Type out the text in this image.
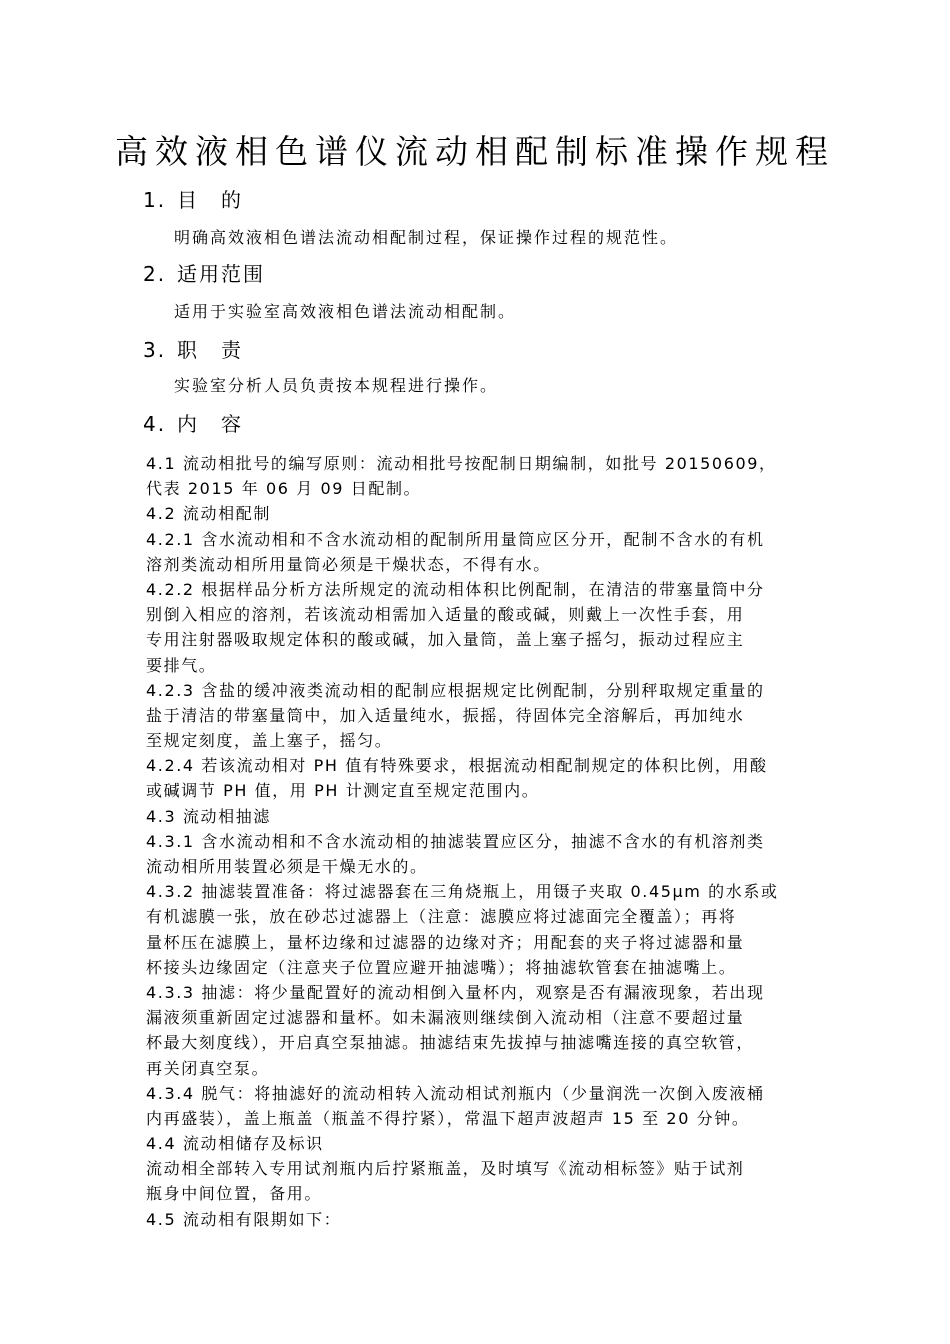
高效液相色谱仪流动相配制标准操作规程
1. 目　的
明确高效液相色谱法流动相配制过程，保证操作过程的规范性。
2. 适用范围
适用于实验室高效液相色谱法流动相配制。
3. 职　责
实验室分析人员负责按本规程进行操作。
4. 内　容
4.1 流动相批号的编写原则：流动相批号按配制日期编制，如批号 20150609，
代表 2015 年 06 月 09 日配制。
4.2 流动相配制
4.2.1 含水流动相和不含水流动相的配制所用量筒应区分开，配制不含水的有机
溶剂类流动相所用量筒必须是干燥状态，不得有水。
4.2.2 根据样品分析方法所规定的流动相体积比例配制，在清洁的带塞量筒中分
别倒入相应的溶剂，若该流动相需加入适量的酸或碱，则戴上一次性手套，用
专用注射器吸取规定体积的酸或碱，加入量筒，盖上塞子摇匀，振动过程应主
要排气。
4.2.3 含盐的缓冲液类流动相的配制应根据规定比例配制，分别秤取规定重量的
盐于清洁的带塞量筒中，加入适量纯水，振摇，待固体完全溶解后，再加纯水
至规定刻度，盖上塞子，摇匀。
4.2.4 若该流动相对 PH 值有特殊要求，根据流动相配制规定的体积比例，用酸
或碱调节 PH 值，用 PH 计测定直至规定范围内。
4.3 流动相抽滤
4.3.1 含水流动相和不含水流动相的抽滤装置应区分，抽滤不含水的有机溶剂类
流动相所用装置必须是干燥无水的。
4.3.2 抽滤装置准备：将过滤器套在三角烧瓶上，用镊子夹取 0.45μm 的水系或
有机滤膜一张，放在砂芯过滤器上（注意：滤膜应将过滤面完全覆盖）；再将
量杯压在滤膜上，量杯边缘和过滤器的边缘对齐；用配套的夹子将过滤器和量
杯接头边缘固定（注意夹子位置应避开抽滤嘴）；将抽滤软管套在抽滤嘴上。
4.3.3 抽滤：将少量配置好的流动相倒入量杯内，观察是否有漏液现象，若出现
漏液须重新固定过滤器和量杯。如未漏液则继续倒入流动相（注意不要超过量
杯最大刻度线），开启真空泵抽滤。抽滤结束先拔掉与抽滤嘴连接的真空软管，
再关闭真空泵。
4.3.4 脱气：将抽滤好的流动相转入流动相试剂瓶内（少量润洗一次倒入废液桶
内再盛装），盖上瓶盖（瓶盖不得拧紧），常温下超声波超声 15 至 20 分钟。
4.4 流动相储存及标识
流动相全部转入专用试剂瓶内后拧紧瓶盖，及时填写《流动相标签》贴于试剂
瓶身中间位置，备用。
4.5 流动相有限期如下：
